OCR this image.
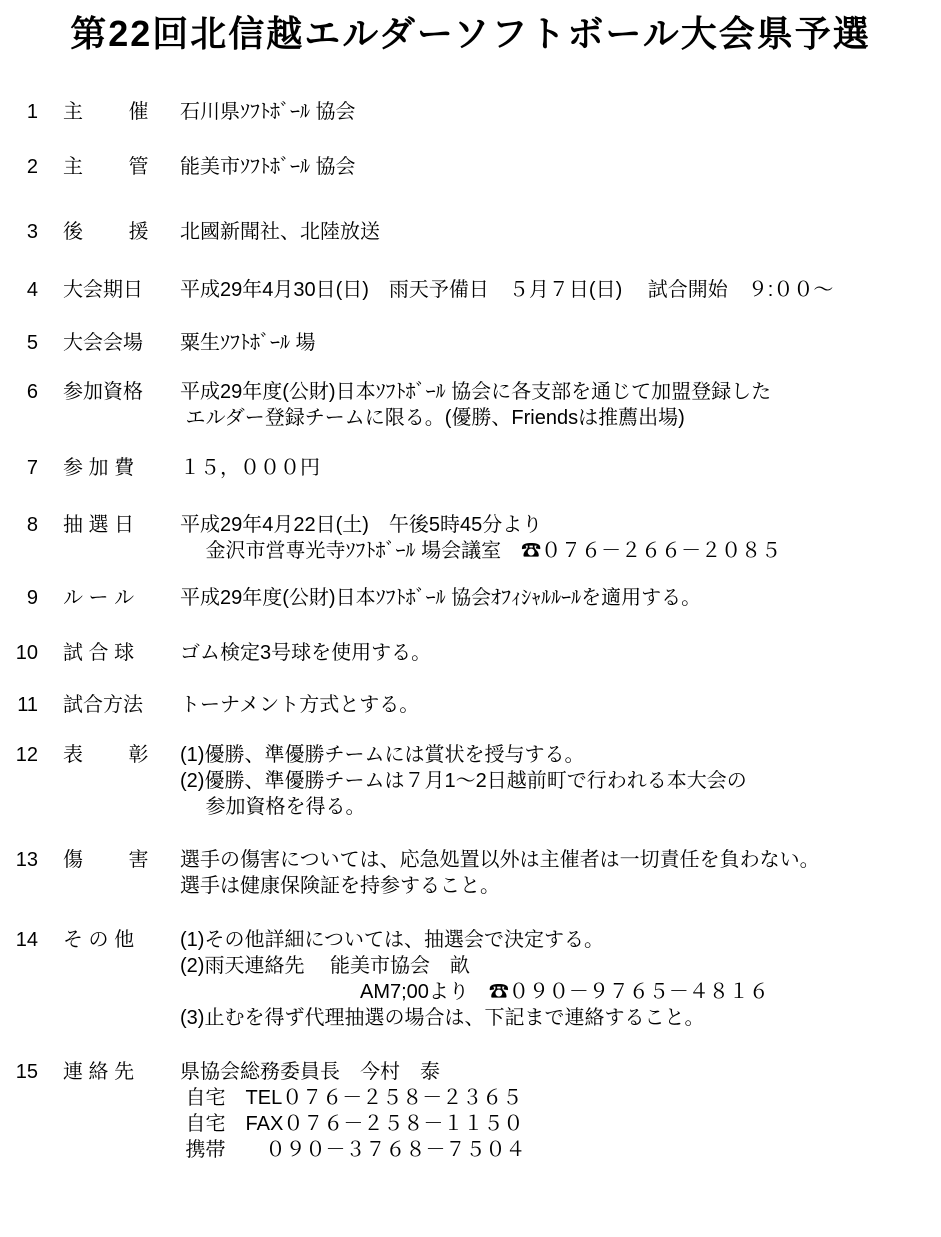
第22回北信越エルダーソフトボール大会県予選
1 主　　 催 石川県ｿﾌﾄﾎﾞｰﾙ 協会
2 主　　 管 能美市ｿﾌﾄﾎﾞｰﾙ 協会
3 後　　 援 北國新聞社、北陸放送
4 大会期日	平成29年4月30日(日)　雨天予備日　５月７日(日)　 試合開始　９:００～
5 大会会場	粟生ｿﾌﾄﾎﾞｰﾙ 場
6 参加資格	平成29年度(公財)日本ｿﾌﾄﾎﾞｰﾙ 協会に各支部を通じて加盟登録した
エルダー登録チームに限る。(優勝、Friendsは推薦出場)
7 参 加 費	１５，０００円
8 抽 選 日	平成29年4月22日(土)　午後5時45分より
　 金沢市営専光寺ｿﾌﾄﾎﾞｰﾙ 場会議室　☎０７６－２６６－２０８５
9 ル ー ル	平成29年度(公財)日本ｿﾌﾄﾎﾞｰﾙ 協会ｵﾌｨｼｬﾙﾙｰﾙを適用する。
10 試 合 球	ゴム検定3号球を使用する。
11 試合方法	トーナメント方式とする。
12 表　　 彰 (1)優勝、準優勝チームには賞状を授与する。
(2)優勝、準優勝チームは７月1～2日越前町で行われる本大会の
　 参加資格を得る。
13 傷　　 害 選手の傷害については、応急処置以外は主催者は一切責任を負わない。
選手は健康保険証を持参すること。
14 そ の 他	(1)その他詳細については、抽選会で決定する。
(2)雨天連絡先　 能美市協会　畝
　　　　　　　　　AM7;00より　☎０９０－９７６５－４８１６
(3)止むを得ず代理抽選の場合は、下記まで連絡すること。
15 連 絡 先	県協会総務委員長　今村　泰
自宅　TEL０７６－２５８－２３６５
自宅　FAX０７６－２５８－１１５０
携帯　　０９０－３７６８－７５０４
